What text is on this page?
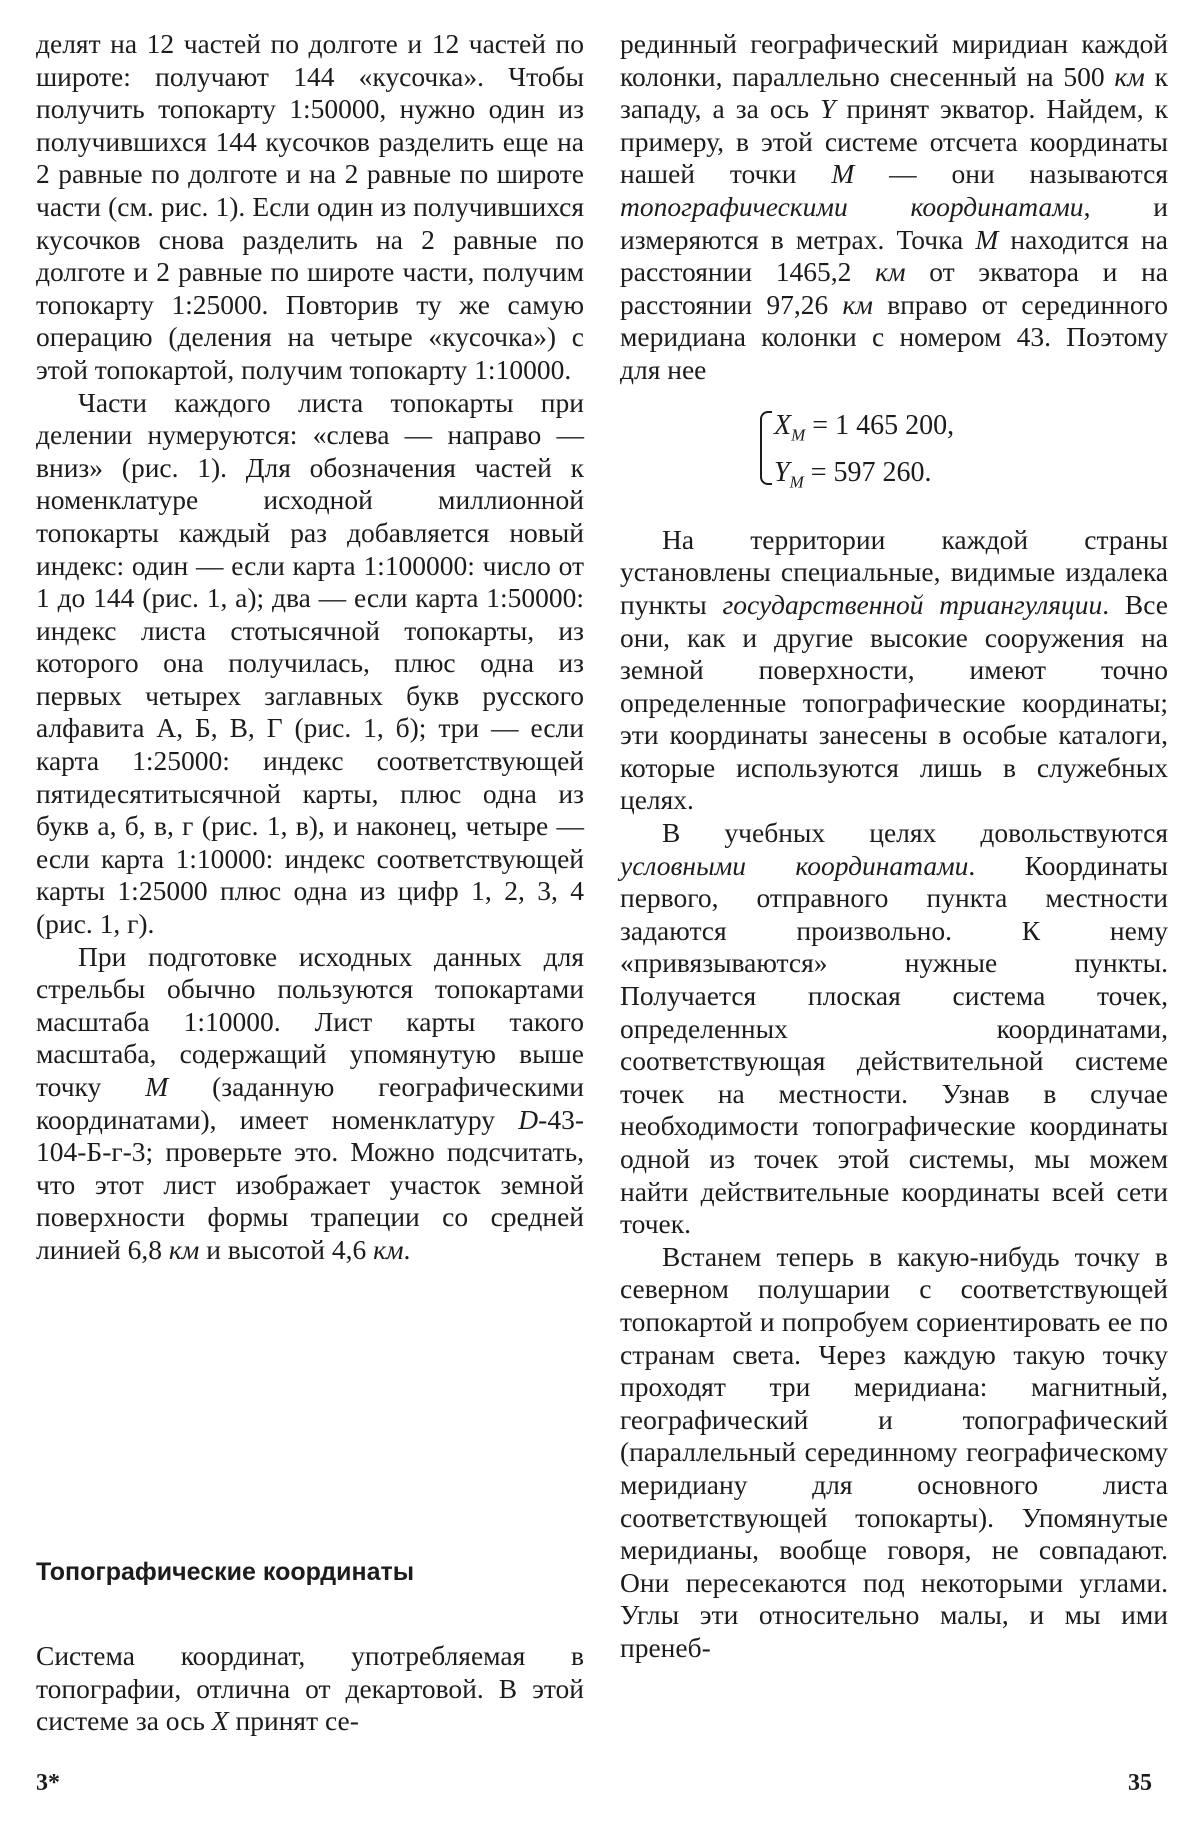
делят на 12 частей по долготе и 12 частей по широте: получают 144 «кусочка». Чтобы получить топокарту 1:50000, нужно один из получившихся 144 кусочков разделить еще на 2 равные по долготе и на 2 равные по широте части (см. рис. 1). Если один из получившихся кусочков снова разделить на 2 равные по долготе и 2 равные по широте части, получим топокарту 1:25000. Повторив ту же самую операцию (деления на четыре «кусочка») с этой топокартой, получим топокарту 1:10000.

Части каждого листа топокарты при делении нумеруются: «слева — направо — вниз» (рис. 1). Для обозначения частей к номенклатуре исходной миллионной топокарты каждый раз добавляется новый индекс: один — если карта 1:100000: число от 1 до 144 (рис. 1, а); два — если карта 1:50000: индекс листа стотысячной топокарты, из которого она получилась, плюс одна из первых четырех заглавных букв русского алфавита А, Б, В, Г (рис. 1, б); три — если карта 1:25000: индекс соответствующей пятидесятитысячной карты, плюс одна из букв а, б, в, г (рис. 1, в), и наконец, четыре — если карта 1:10000: индекс соответствующей карты 1:25000 плюс одна из цифр 1, 2, 3, 4 (рис. 1, г).

При подготовке исходных данных для стрельбы обычно пользуются топокартами масштаба 1:10000. Лист карты такого масштаба, содержащий упомянутую выше точку M (заданную географическими координатами), имеет номенклатуру D-43-104-Б-г-3; проверьте это. Можно подсчитать, что этот лист изображает участок земной поверхности формы трапеции со средней линией 6,8 км и высотой 4,6 км.

Топографические координаты

Система координат, употребляемая в топографии, отлична от декартовой. В этой системе за ось X принят се-

рединный географический миридиан каждой колонки, параллельно снесенный на 500 км к западу, а за ось Y принят экватор. Найдем, к примеру, в этой системе отсчета координаты нашей точки M — они называются топографическими координатами, и измеряются в метрах. Точка M находится на расстоянии 1465,2 км от экватора и на расстоянии 97,26 км вправо от серединного меридиана колонки с номером 43. Поэтому для нее

$X_M = 1$ 465 200,
$Y_M = 597$ 260.

На территории каждой страны установлены специальные, видимые издалека пункты государственной триангуляции. Все они, как и другие высокие сооружения на земной поверхности, имеют точно определенные топографические координаты; эти координаты занесены в особые каталоги, которые используются лишь в служебных целях.

В учебных целях довольствуются условными координатами. Координаты первого, отправного пункта местности задаются произвольно. К нему «привязываются» нужные пункты. Получается плоская система точек, определенных координатами, соответствующая действительной системе точек на местности. Узнав в случае необходимости топографические координаты одной из точек этой системы, мы можем найти действительные координаты всей сети точек.

Встанем теперь в какую-нибудь точку в северном полушарии с соответствующей топокартой и попробуем сориентировать ее по странам света. Через каждую такую точку проходят три меридиана: магнитный, географический и топографический (параллельный серединному географическому меридиану для основного листа соответствующей топокарты). Упомянутые меридианы, вообще говоря, не совпадают. Они пересекаются под некоторыми углами. Углы эти относительно малы, и мы ими пренеб-

3*	35
